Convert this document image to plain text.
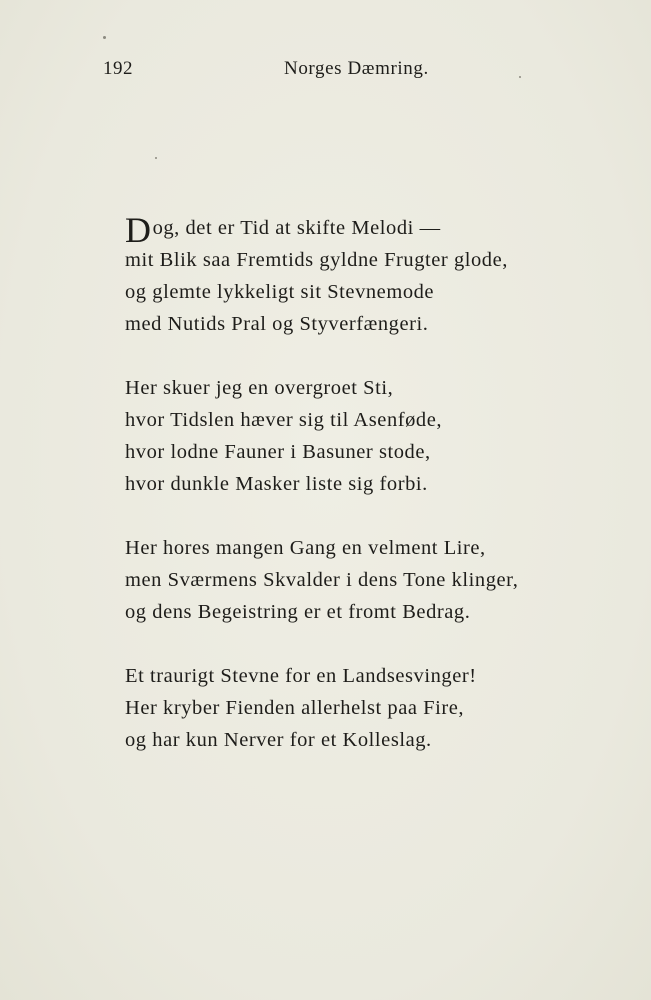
192	Norges Dæmring.
Dog, det er Tid at skifte Melodi —
mit Blik saa Fremtids gyldne Frugter glode,
og glemte lykkeligt sit Stevnemode
med Nutids Pral og Styverfængeri.
Her skuer jeg en overgroet Sti,
hvor Tidslen hæver sig til Asenføde,
hvor lodne Fauner i Basuner stode,
hvor dunkle Masker liste sig forbi.
Her hores mangen Gang en velment Lire,
men Sværmens Skvalder i dens Tone klinger,
og dens Begeistring er et fromt Bedrag.
Et traurigt Stevne for en Landsesvinger!
Her kryber Fienden allerhelst paa Fire,
og har kun Nerver for et Kolleslag.
